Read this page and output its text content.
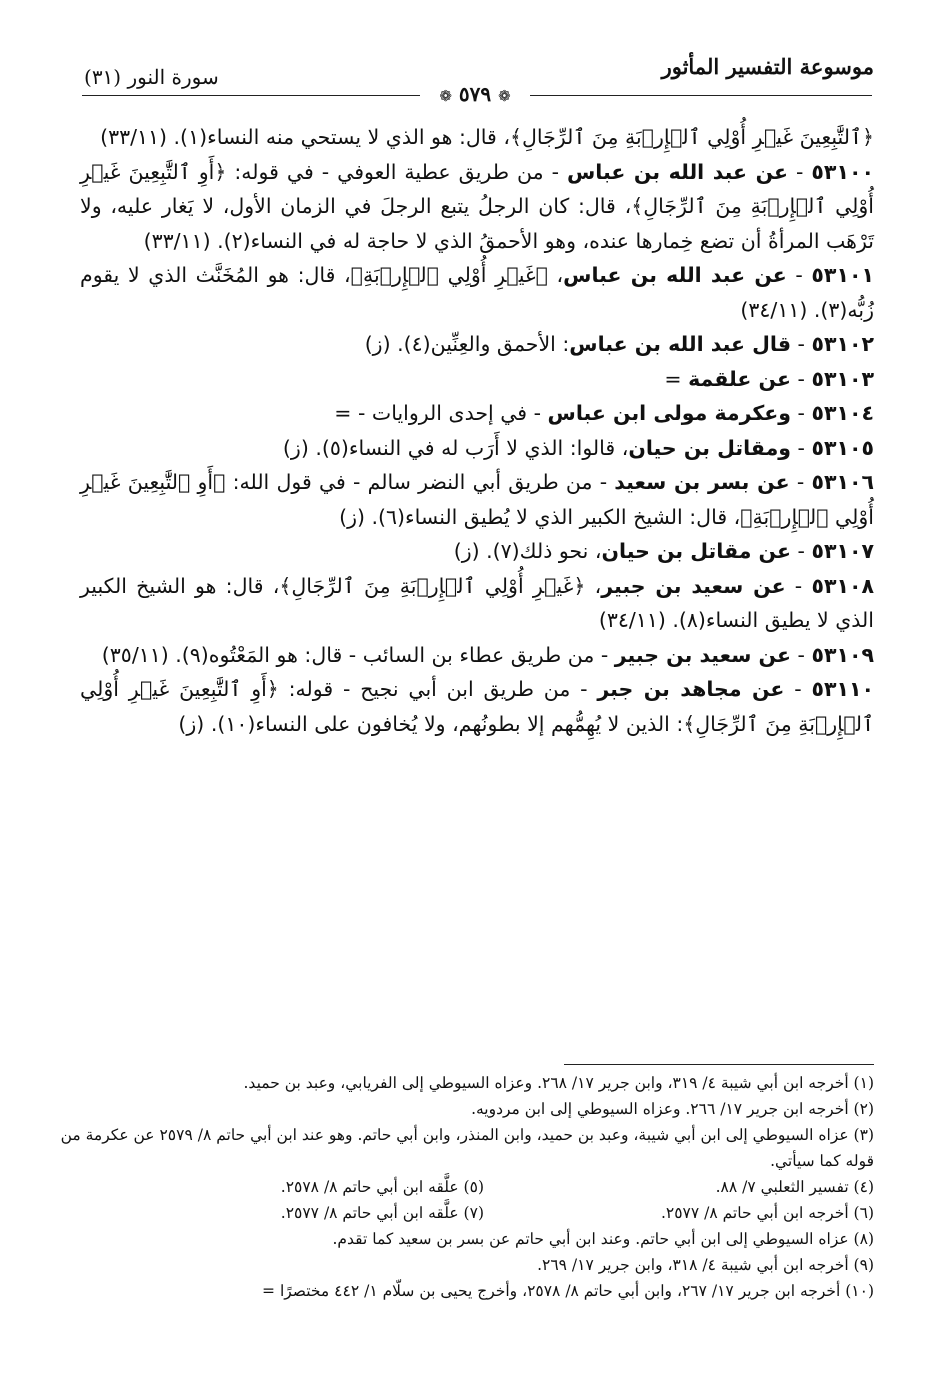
موسوعة التفسير المأثور
سورة النور (٣١)
❁ ٥٧٩ ❁

﴿ٱلتَّٰبِعِينَ غَيۡرِ أُوْلِي ٱلۡإِرۡبَةِ مِنَ ٱلرِّجَالِ﴾، قال: هو الذي لا يستحي منه النساء(١). (٣٣/١١)

٥٣١٠٠ - عن عبد الله بن عباس - من طريق عطية العوفي - في قوله: ﴿أَوِ ٱلتَّٰبِعِينَ غَيۡرِ أُوْلِي ٱلۡإِرۡبَةِ مِنَ ٱلرِّجَالِ﴾، قال: كان الرجلُ يتبع الرجلَ في الزمان الأول، لا يَغار عليه، ولا تَرْهَب المرأةُ أن تضع خِمارها عنده، وهو الأحمقُ الذي لا حاجة له في النساء(٢). (٣٣/١١)

٥٣١٠١ - عن عبد الله بن عباس، ﴿غَيۡرِ أُوْلِي ٱلۡإِرۡبَةِ﴾، قال: هو المُخَنَّث الذي لا يقوم زُبُّه(٣). (٣٤/١١)

٥٣١٠٢ - قال عبد الله بن عباس: الأحمق والعِنِّين(٤). (ز)

٥٣١٠٣ - عن علقمة =

٥٣١٠٤ - وعكرمة مولى ابن عباس - في إحدى الروايات - =

٥٣١٠٥ - ومقاتل بن حيان، قالوا: الذي لا أَرَب له في النساء(٥). (ز)

٥٣١٠٦ - عن بسر بن سعيد - من طريق أبي النضر سالم - في قول الله: ﴿أَوِ ٱلتَّٰبِعِينَ غَيۡرِ أُوْلِي ٱلۡإِرۡبَةِ﴾، قال: الشيخ الكبير الذي لا يُطيق النساء(٦). (ز)

٥٣١٠٧ - عن مقاتل بن حيان، نحو ذلك(٧). (ز)

٥٣١٠٨ - عن سعيد بن جبير، ﴿غَيۡرِ أُوْلِي ٱلۡإِرۡبَةِ مِنَ ٱلرِّجَالِ﴾، قال: هو الشيخ الكبير الذي لا يطيق النساء(٨). (٣٤/١١)

٥٣١٠٩ - عن سعيد بن جبير - من طريق عطاء بن السائب - قال: هو المَعْتُوه(٩). (٣٥/١١)

٥٣١١٠ - عن مجاهد بن جبر - من طريق ابن أبي نجيح - قوله: ﴿أَوِ ٱلتَّٰبِعِينَ غَيۡرِ أُوْلِي ٱلۡإِرۡبَةِ مِنَ ٱلرِّجَالِ﴾: الذين لا يُهِمُّهم إلا بطونُهم، ولا يُخافون على النساء(١٠). (ز)

(١) أخرجه ابن أبي شيبة ٤/ ٣١٩، وابن جرير ١٧/ ٢٦٨. وعزاه السيوطي إلى الفريابي، وعبد بن حميد.

(٢) أخرجه ابن جرير ١٧/ ٢٦٦. وعزاه السيوطي إلى ابن مردويه.

(٣) عزاه السيوطي إلى ابن أبي شيبة، وعبد بن حميد، وابن المنذر، وابن أبي حاتم. وهو عند ابن أبي حاتم ٨/ ٢٥٧٩ عن عكرمة من قوله كما سيأتي.

(٤) تفسير الثعلبي ٧/ ٨٨.
(٥) علَّقه ابن أبي حاتم ٨/ ٢٥٧٨.
(٦) أخرجه ابن أبي حاتم ٨/ ٢٥٧٧.
(٧) علَّقه ابن أبي حاتم ٨/ ٢٥٧٧.

(٨) عزاه السيوطي إلى ابن أبي حاتم. وعند ابن أبي حاتم عن بسر بن سعيد كما تقدم.

(٩) أخرجه ابن أبي شيبة ٤/ ٣١٨، وابن جرير ١٧/ ٢٦٩.

(١٠) أخرجه ابن جرير ١٧/ ٢٦٧، وابن أبي حاتم ٨/ ٢٥٧٨، وأخرج يحيى بن سلّام ١/ ٤٤٢ مختصرًا =
